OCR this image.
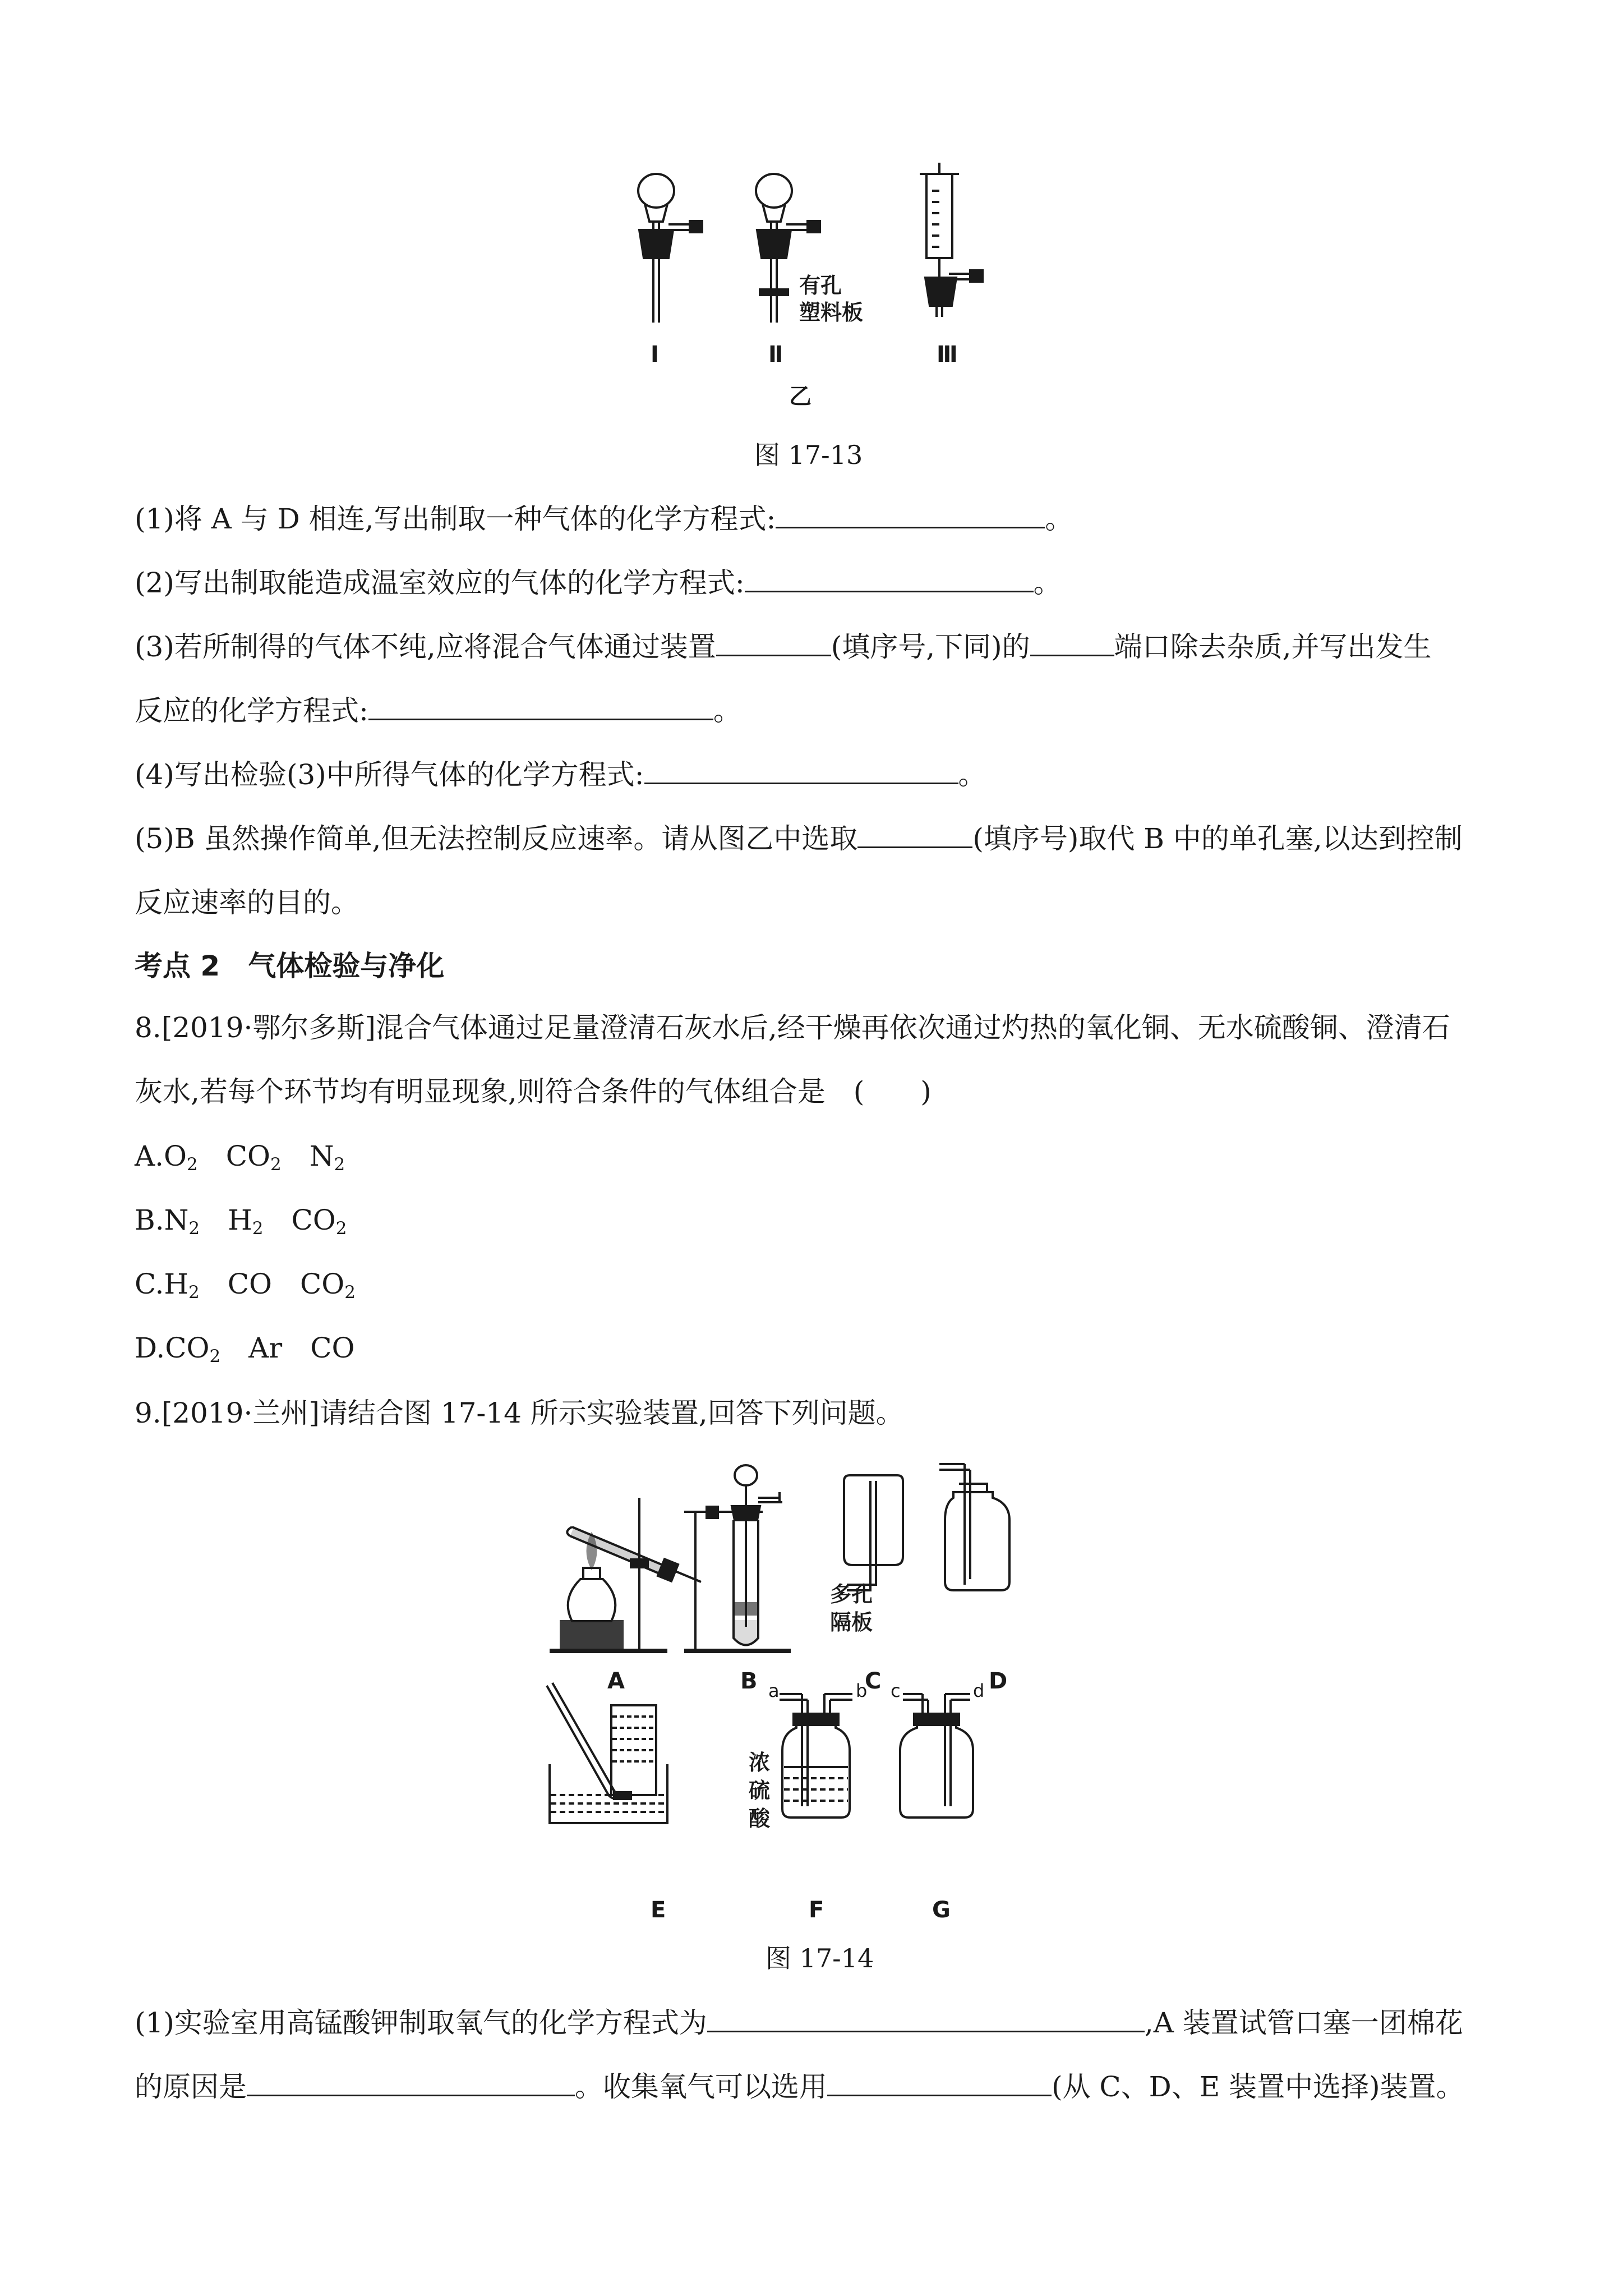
Ⅰ	Ⅱ	Ⅲ
有孔
塑料板
乙
图 17-13
(1)将 A 与 D 相连,写出制取一种气体的化学方程式:	。
(2)写出制取能造成温室效应的气体的化学方程式:	。
(3)若所制得的气体不纯,应将混合气体通过装置	(填序号,下同)的	端口除去杂质,并写出发生
反应的化学方程式:	。
(4)写出检验(3)中所得气体的化学方程式:	。
(5)B 虽然操作简单,但无法控制反应速率。请从图乙中选取	(填序号)取代 B 中的单孔塞,以达到控制
反应速率的目的。
考点 2　气体检验与净化
8.[2019·鄂尔多斯]混合气体通过足量澄清石灰水后,经干燥再依次通过灼热的氧化铜、无水硫酸铜、澄清石
灰水,若每个环节均有明显现象,则符合条件的气体组合是　(　　)
$A.O_2$　$CO_2$　$N_2$
$B.N_2$　$H_2$　$CO_2$
$C.H_2$　CO　$CO_2$
$D.CO_2$　Ar　CO
9.[2019·兰州]请结合图 17-14 所示实验装置,回答下列问题。
A	B	C	D
E	F	G
多孔
隔板
浓
硫
酸
a	b c	d
图 17-14
(1)实验室用高锰酸钾制取氧气的化学方程式为	,A 装置试管口塞一团棉花
的原因是	。收集氧气可以选用	(从 C、D、E 装置中选择)装置。
